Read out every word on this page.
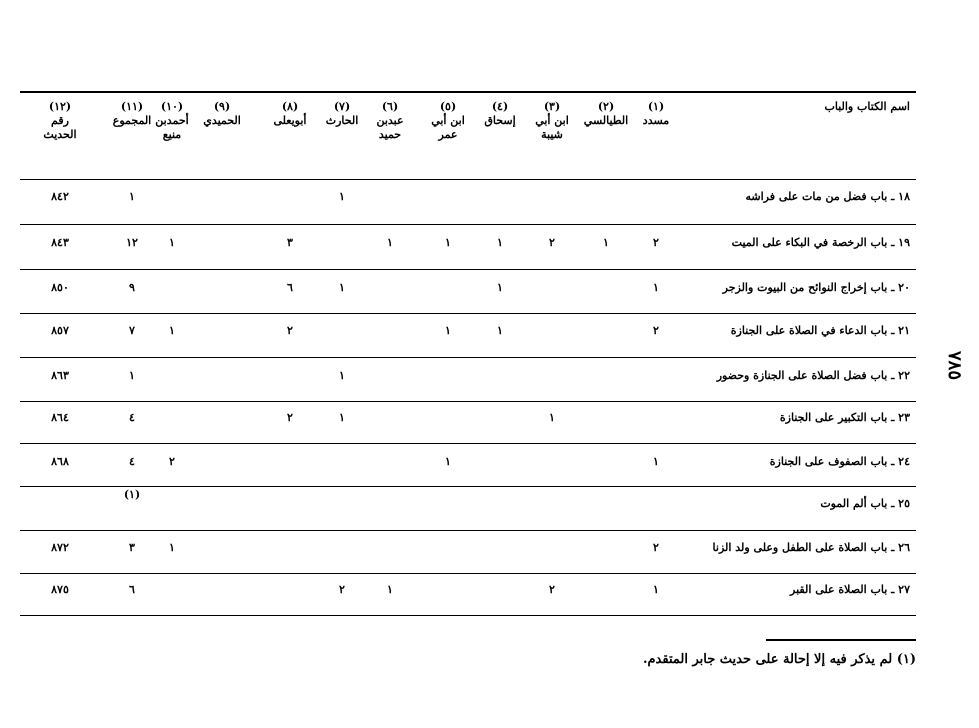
اسم الكتاب والباب
(١)
مسدد
(٢)
الطيالسي
(٣)
ابن أبي شيبة
(٤)
إسحاق
(٥)
ابن أبي عمر
(٦)
عبدبن حميد
(٧)
الحارث
(٨)
أبويعلى
(٩)
الحميدي
(١٠)
أحمدبن منيع
(١١)
المجموع
(١٢)
رقم الحديث
١٨ ـ باب فضل من مات على فراشه
١
١
٨٤٢
١٩ ـ باب الرخصة في البكاء على الميت
٢
١
٢
١
١
١
٣
١
١٢
٨٤٣
٢٠ ـ باب إخراج النوائح من البيوت والزجر
١
١
١
٦
٩
٨٥٠
٢١ ـ باب الدعاء في الصلاة على الجنازة
٢
١
١
٢
١
٧
٨٥٧
٢٢ ـ باب فضل الصلاة على الجنازة وحضور
١
١
٨٦٣
٢٣ ـ باب التكبير على الجنازة
١
١
٢
٤
٨٦٤
٢٤ ـ باب الصفوف على الجنازة
١
١
٢
٤
٨٦٨
٢٥ ـ باب ألم الموت
(١)
٢٦ ـ باب الصلاة على الطفل وعلى ولد الزنا
٢
١
٣
٨٧٢
٢٧ ـ باب الصلاة على القبر
١
٢
١
٢
٦
٨٧٥
٧٨٥
(١) لم يذكر فيه إلا إحالة على حديث جابر المتقدم.
